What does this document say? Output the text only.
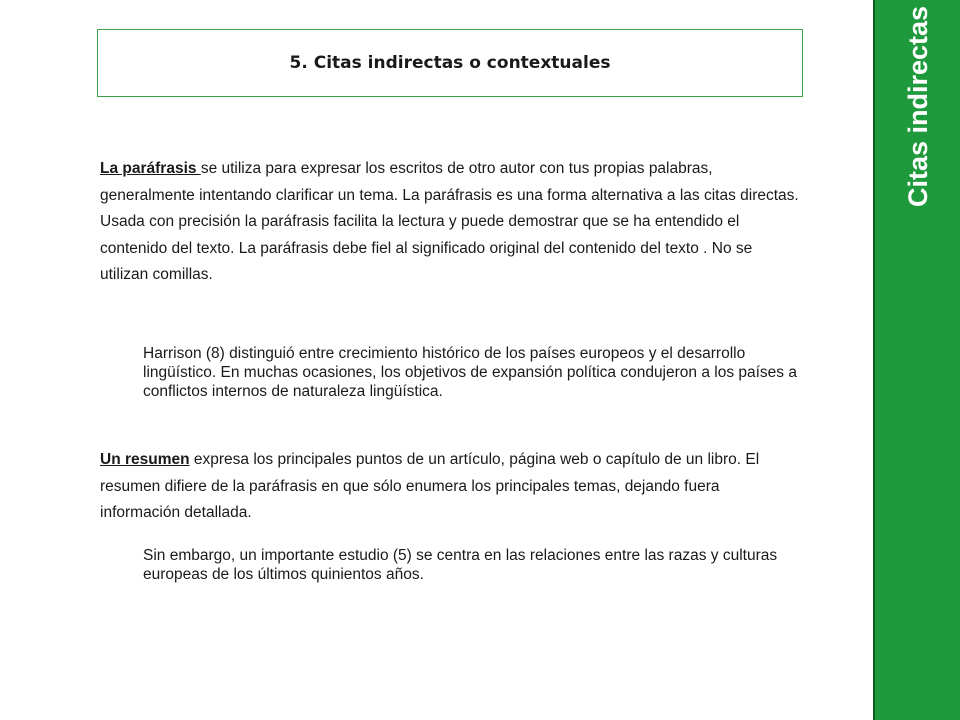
5. Citas indirectas o contextuales

La paráfrasis se utiliza para expresar los escritos de otro autor con tus propias palabras, generalmente intentando clarificar un tema. La paráfrasis es una forma alternativa a las citas directas. Usada con precisión la paráfrasis facilita la lectura y puede demostrar que se ha entendido el contenido del texto. La paráfrasis debe fiel al significado original del contenido del texto . No se utilizan comillas.

Harrison (8) distinguió entre crecimiento histórico de los países europeos y el desarrollo lingüístico. En muchas ocasiones, los objetivos de expansión política condujeron a los países a conflictos internos de naturaleza lingüística.

Un resumen expresa los principales puntos de un artículo, página web o capítulo de un libro. El resumen difiere de la paráfrasis en que sólo enumera los principales temas, dejando fuera información detallada.

Sin embargo, un importante estudio (5) se centra en las relaciones entre las razas y culturas europeas de los últimos quinientos años.

Citas indirectas
